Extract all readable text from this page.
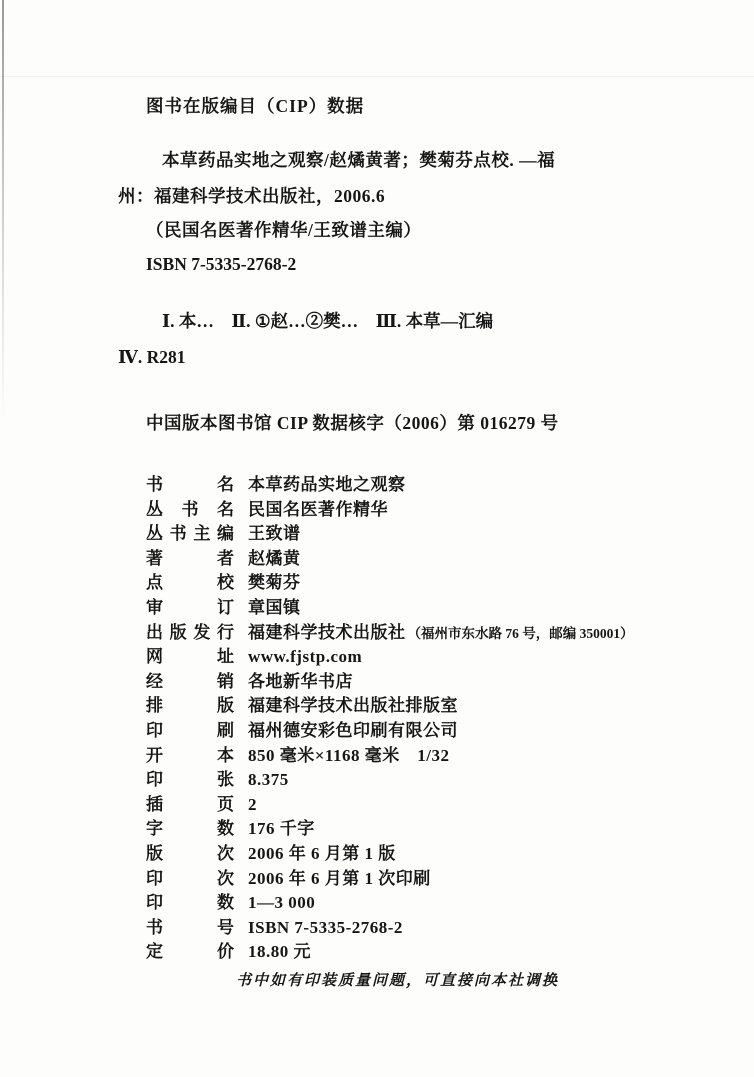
图书在版编目（CIP）数据
本草药品实地之观察/赵燏黄著；樊菊芬点校. —福
州：福建科学技术出版社，2006.6
（民国名医著作精华/王致谱主编）
ISBN 7-5335-2768-2
Ⅰ. 本…　Ⅱ. ①赵…②樊…　Ⅲ. 本草—汇编
Ⅳ. R281
中国版本图书馆 CIP 数据核字（2006）第 016279 号
书名 本草药品实地之观察
丛书名 民国名医著作精华
丛书主编 王致谱
著者 赵燏黄
点校 樊菊芬
审订 章国镇
出版发行 福建科学技术出版社 （福州市东水路 76 号，邮编 350001）
网址 www.fjstp.com
经销 各地新华书店
排版 福建科学技术出版社排版室
印刷 福州德安彩色印刷有限公司
开本 850 毫米×1168 毫米　1/32
印张 8.375
插页 2
字数 176 千字
版次 2006 年 6 月第 1 版
印次 2006 年 6 月第 1 次印刷
印数 1—3 000
书号 ISBN 7-5335-2768-2
定价 18.80 元
书中如有印装质量问题，可直接向本社调换
